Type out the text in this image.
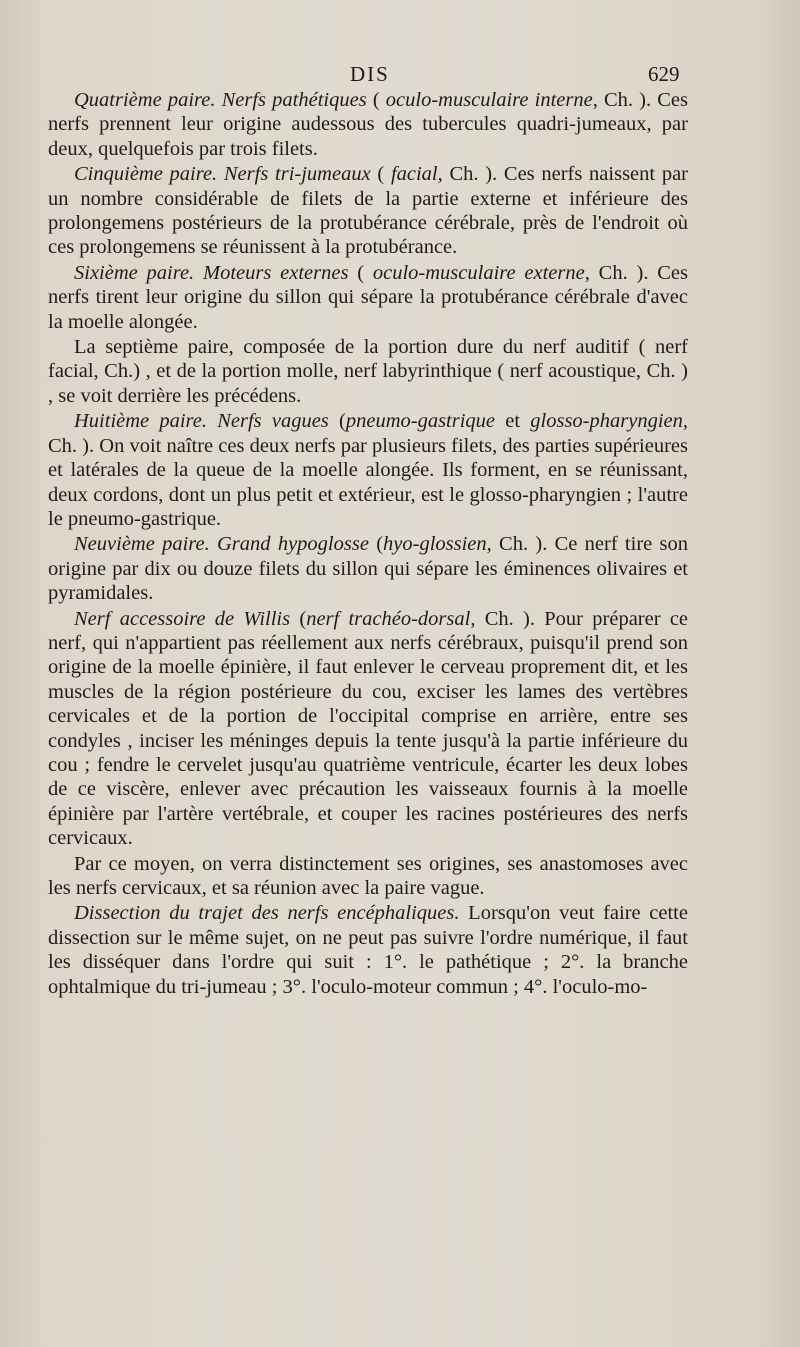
DIS	629

Quatrième paire. Nerfs pathétiques ( oculo-musculaire interne, Ch. ). Ces nerfs prennent leur origine audessous des tubercules quadri-jumeaux, par deux, quelquefois par trois filets.

Cinquième paire. Nerfs tri-jumeaux ( facial, Ch. ). Ces nerfs naissent par un nombre considérable de filets de la partie externe et inférieure des prolongemens postérieurs de la protubérance cérébrale, près de l'endroit où ces prolongemens se réunissent à la protubérance.

Sixième paire. Moteurs externes ( oculo-musculaire externe, Ch. ). Ces nerfs tirent leur origine du sillon qui sépare la protubérance cérébrale d'avec la moelle alongée.

La septième paire, composée de la portion dure du nerf auditif ( nerf facial, Ch.) , et de la portion molle, nerf labyrinthique ( nerf acoustique, Ch. ) , se voit derrière les précédens.

Huitième paire. Nerfs vagues (pneumo-gastrique et glosso-pharyngien, Ch. ). On voit naître ces deux nerfs par plusieurs filets, des parties supérieures et latérales de la queue de la moelle alongée. Ils forment, en se réunissant, deux cordons, dont un plus petit et extérieur, est le glosso-pharyngien ; l'autre le pneumo-gastrique.

Neuvième paire. Grand hypoglosse (hyo-glossien, Ch. ). Ce nerf tire son origine par dix ou douze filets du sillon qui sépare les éminences olivaires et pyramidales.

Nerf accessoire de Willis (nerf trachéo-dorsal, Ch. ). Pour préparer ce nerf, qui n'appartient pas réellement aux nerfs cérébraux, puisqu'il prend son origine de la moelle épinière, il faut enlever le cerveau proprement dit, et les muscles de la région postérieure du cou, exciser les lames des vertèbres cervicales et de la portion de l'occipital comprise en arrière, entre ses condyles , inciser les méninges depuis la tente jusqu'à la partie inférieure du cou ; fendre le cervelet jusqu'au quatrième ventricule, écarter les deux lobes de ce viscère, enlever avec précaution les vaisseaux fournis à la moelle épinière par l'artère vertébrale, et couper les racines postérieures des nerfs cervicaux.

Par ce moyen, on verra distinctement ses origines, ses anastomoses avec les nerfs cervicaux, et sa réunion avec la paire vague.

Dissection du trajet des nerfs encéphaliques. Lorsqu'on veut faire cette dissection sur le même sujet, on ne peut pas suivre l'ordre numérique, il faut les disséquer dans l'ordre qui suit : 1°. le pathétique ; 2°. la branche ophtalmique du tri-jumeau ; 3°. l'oculo-moteur commun ; 4°. l'oculo-mo-
